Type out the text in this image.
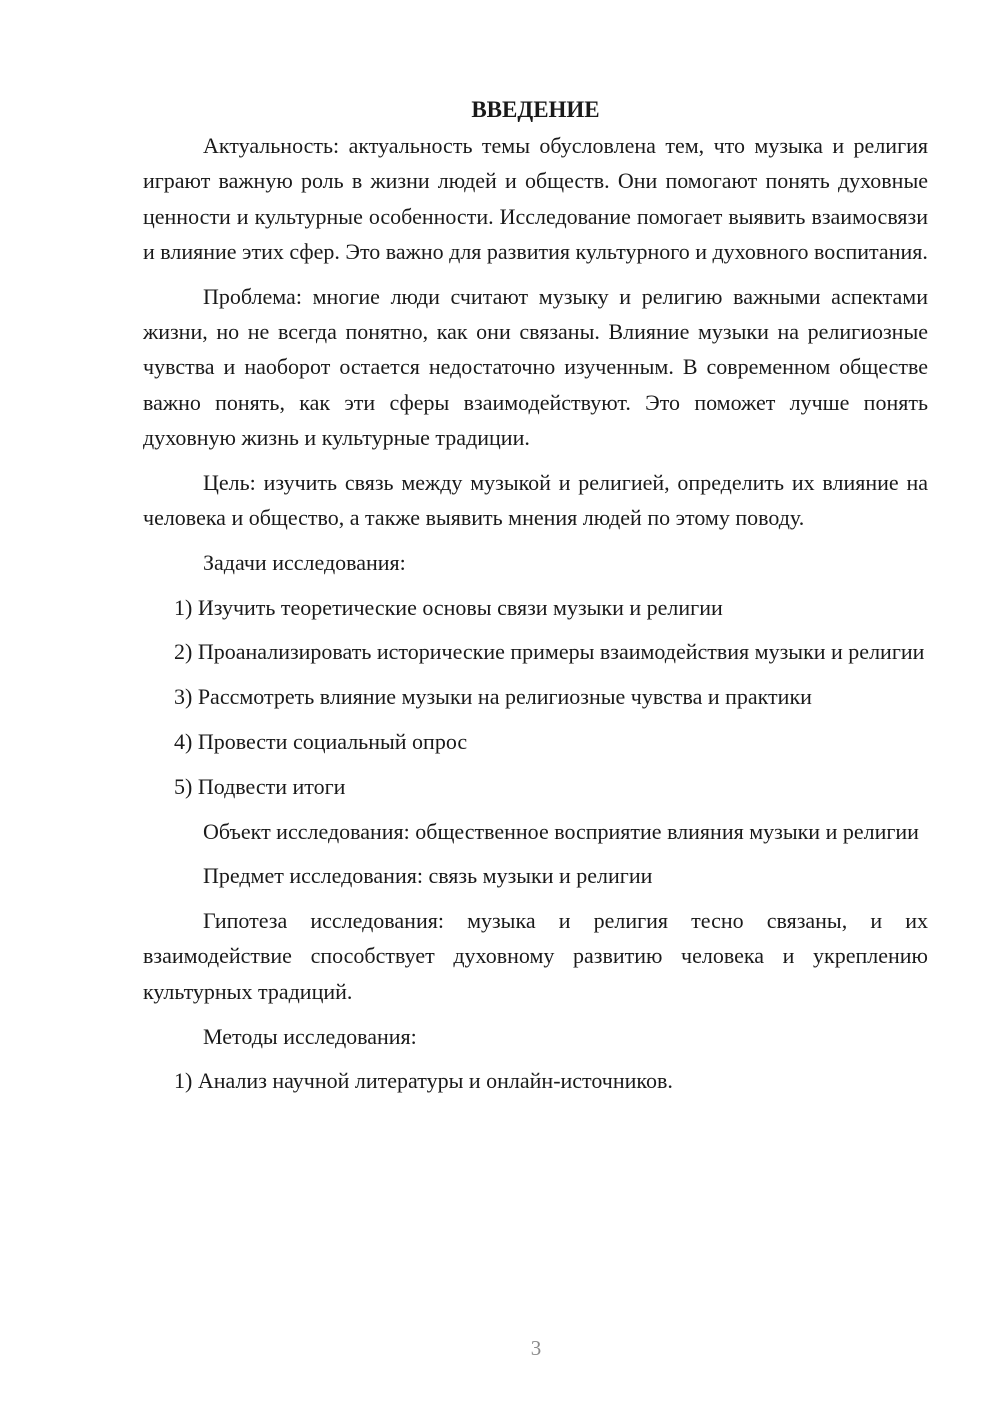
ВВЕДЕНИЕ

Актуальность: актуальность темы обусловлена тем, что музыка и религия играют важную роль в жизни людей и обществ. Они помогают понять духовные ценности и культурные особенности. Исследование помогает выявить взаимосвязи и влияние этих сфер. Это важно для развития культурного и духовного воспитания.

Проблема: многие люди считают музыку и религию важными аспектами жизни, но не всегда понятно, как они связаны. Влияние музыки на религиозные чувства и наоборот остается недостаточно изученным. В современном обществе важно понять, как эти сферы взаимодействуют. Это поможет лучше понять духовную жизнь и культурные традиции.

Цель: изучить связь между музыкой и религией, определить их влияние на человека и общество, а также выявить мнения людей по этому поводу.

Задачи исследования:

1) Изучить теоретические основы связи музыки и религии

2) Проанализировать исторические примеры взаимодействия музыки и религии

3) Рассмотреть влияние музыки на религиозные чувства и практики

4) Провести социальный опрос

5) Подвести итоги

Объект исследования: общественное восприятие влияния музыки и религии

Предмет исследования: связь музыки и религии

Гипотеза исследования: музыка и религия тесно связаны, и их взаимодействие способствует духовному развитию человека и укреплению культурных традиций.

Методы исследования:

1) Анализ научной литературы и онлайн-источников.

3
